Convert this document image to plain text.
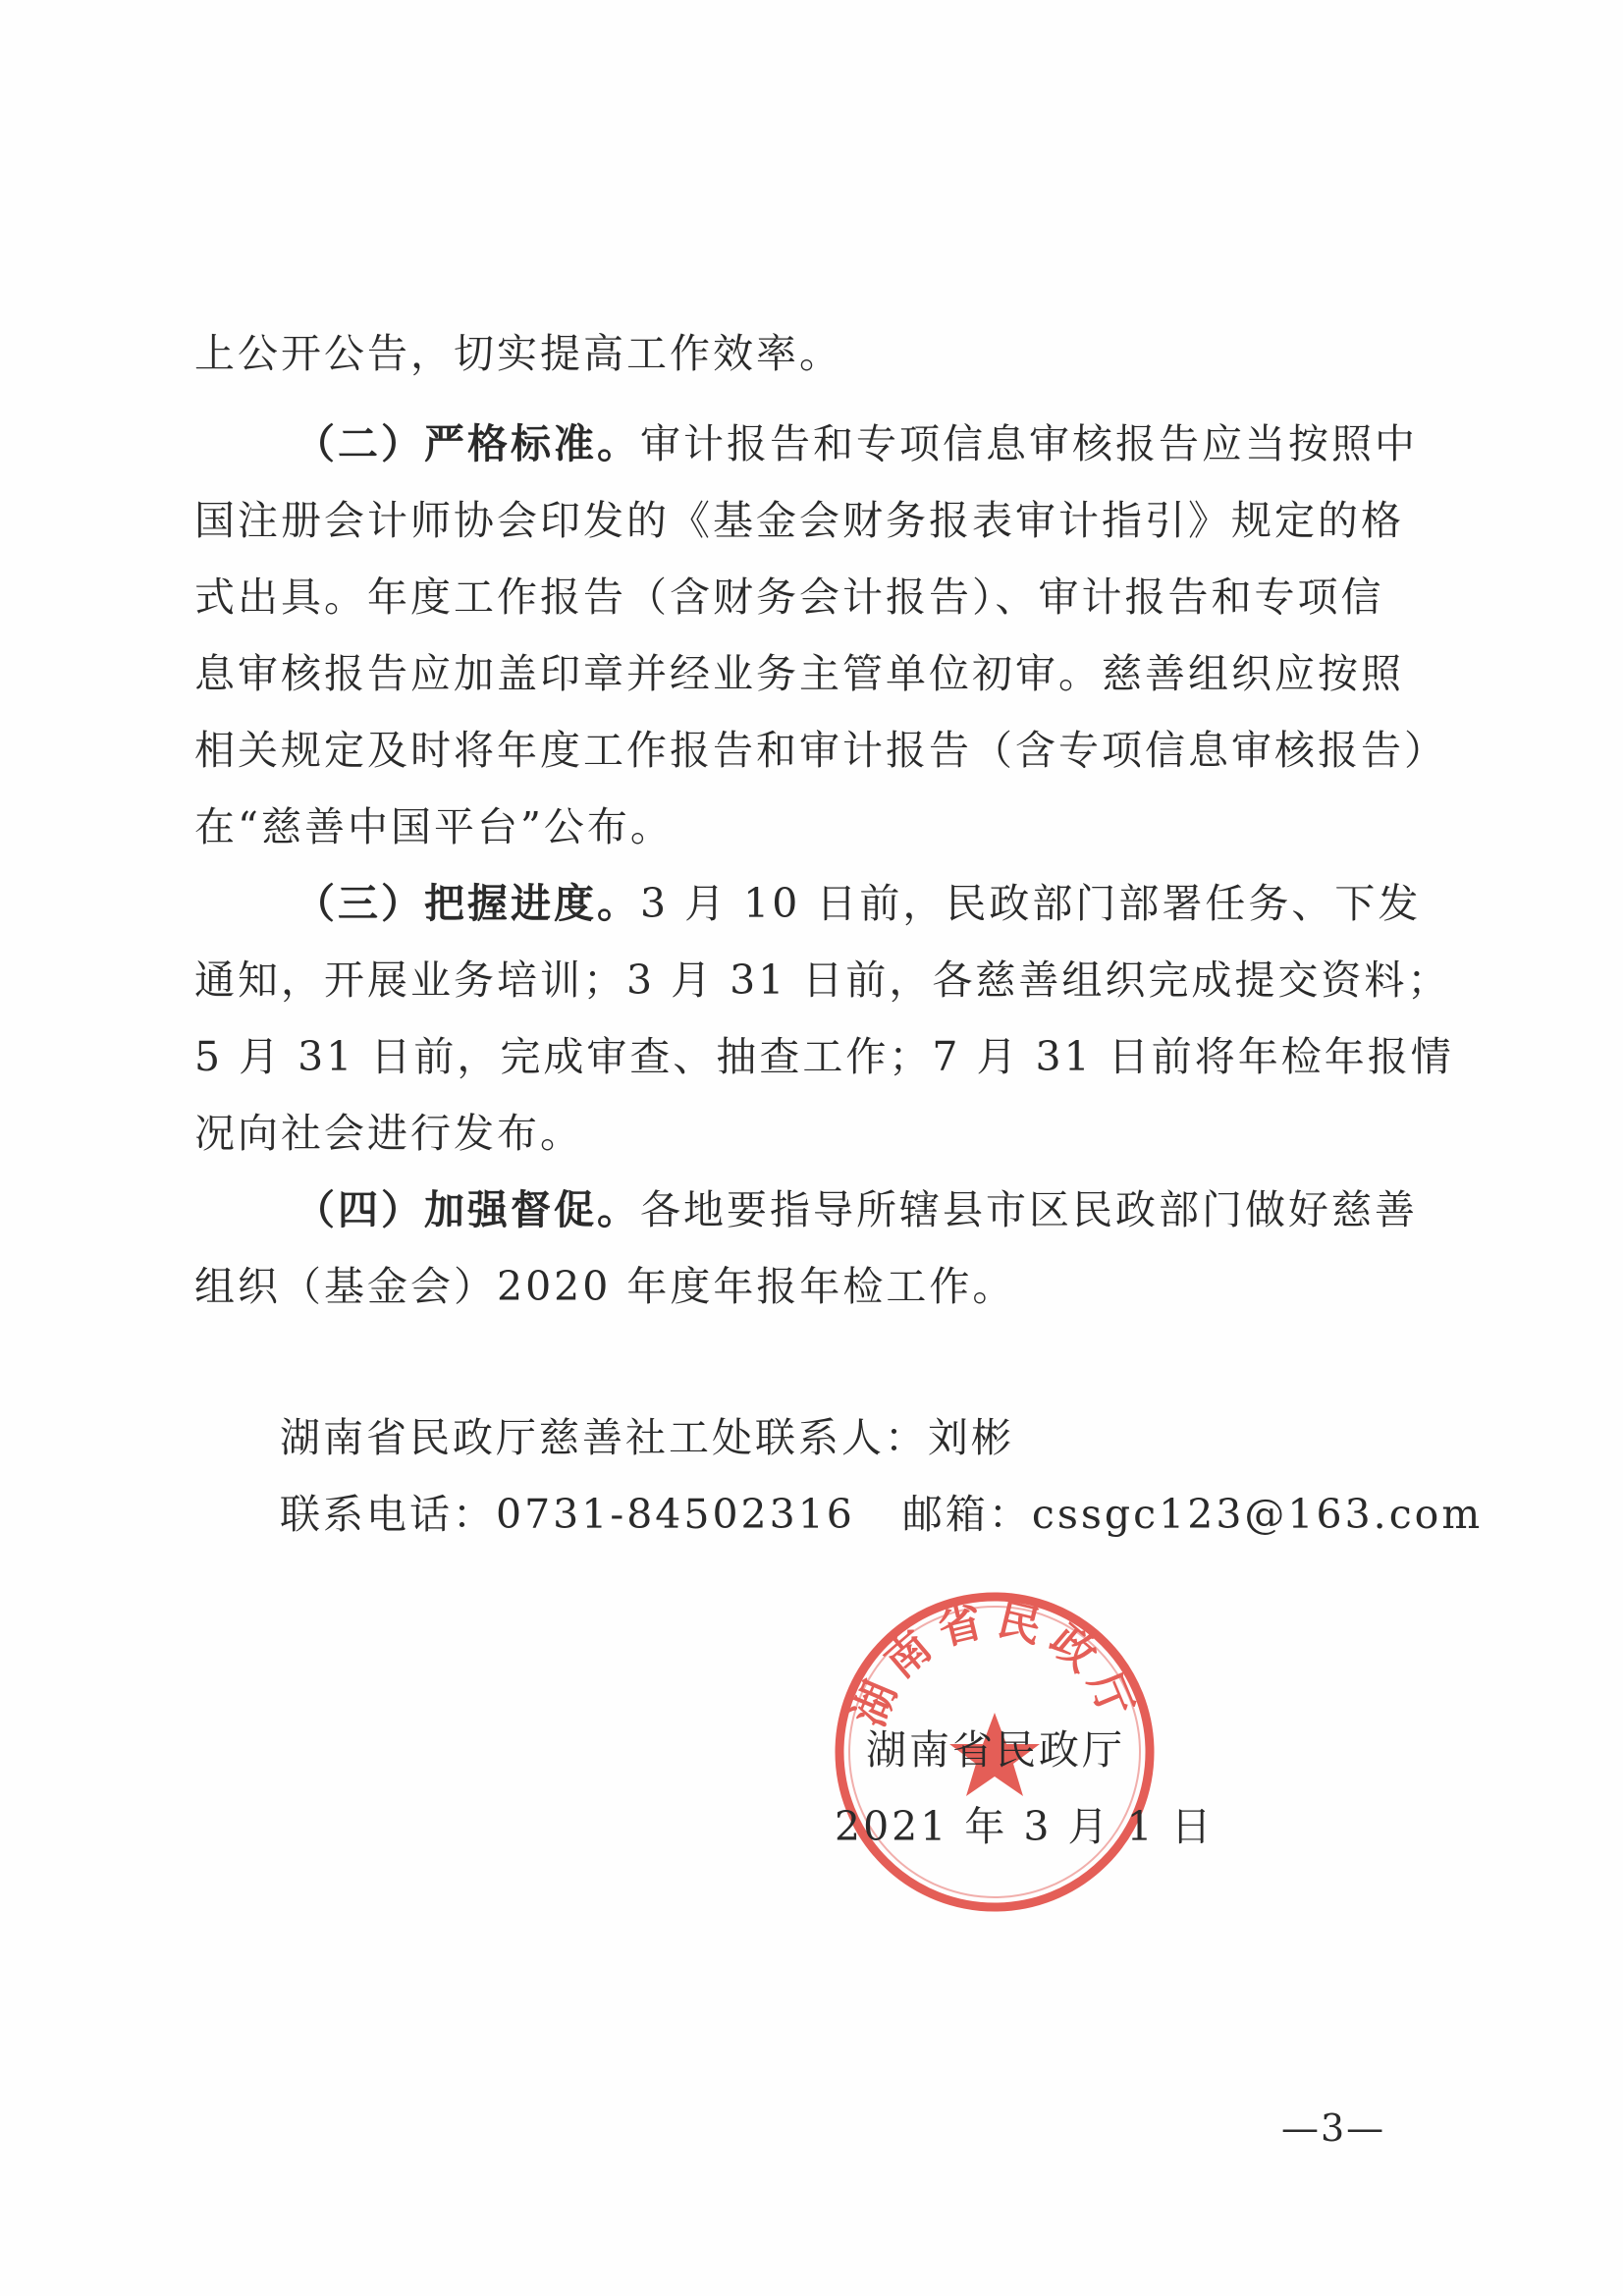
上公开公告，切实提高工作效率。
（二）严格标准。审计报告和专项信息审核报告应当按照中
国注册会计师协会印发的《基金会财务报表审计指引》规定的格
式出具。年度工作报告（含财务会计报告）、审计报告和专项信
息审核报告应加盖印章并经业务主管单位初审。慈善组织应按照
相关规定及时将年度工作报告和审计报告（含专项信息审核报告）
在“慈善中国平台”公布。
（三）把握进度。3 月 10 日前，民政部门部署任务、下发
通知，开展业务培训；3 月 31 日前，各慈善组织完成提交资料；
5 月 31 日前，完成审查、抽查工作；7 月 31 日前将年检年报情
况向社会进行发布。
（四）加强督促。各地要指导所辖县市区民政部门做好慈善
组织（基金会）2020 年度年报年检工作。
湖南省民政厅慈善社工处联系人：刘彬
联系电话：0731-84502316 邮箱：cssgc123@163.com
湖南省民政厅
湖南省民政厅
2021 年 3 月 1 日
—3—
